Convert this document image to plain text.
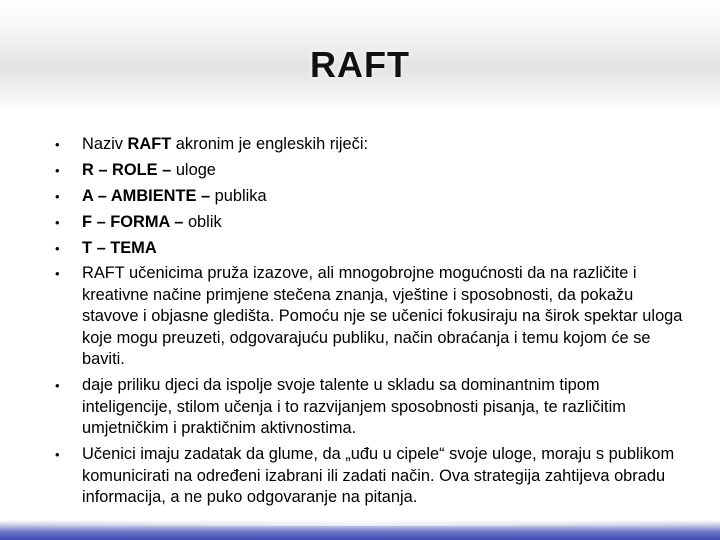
RAFT
• Naziv RAFT akronim je engleskih riječi:
• R – ROLE – uloge
• A – AMBIENTE – publika
• F – FORMA – oblik
• T – TEMA
• RAFT učenicima pruža izazove, ali mnogobrojne mogućnosti da na različite i kreativne načine primjene stečena znanja, vještine i sposobnosti, da pokažu stavove i objasne gledišta. Pomoću nje se učenici fokusiraju na širok spektar uloga koje mogu preuzeti, odgovarajuću publiku, način obraćanja i temu kojom će se baviti.
• daje priliku djeci da ispolje svoje talente u skladu sa dominantnim tipom inteligencije, stilom učenja i to razvijanjem sposobnosti pisanja, te različitim umjetničkim i praktičnim aktivnostima.
• Učenici imaju zadatak da glume, da „uđu u cipele“ svoje uloge, moraju s publikom komunicirati na određeni izabrani ili zadati način. Ova strategija zahtijeva obradu informacija, a ne puko odgovaranje na pitanja.
